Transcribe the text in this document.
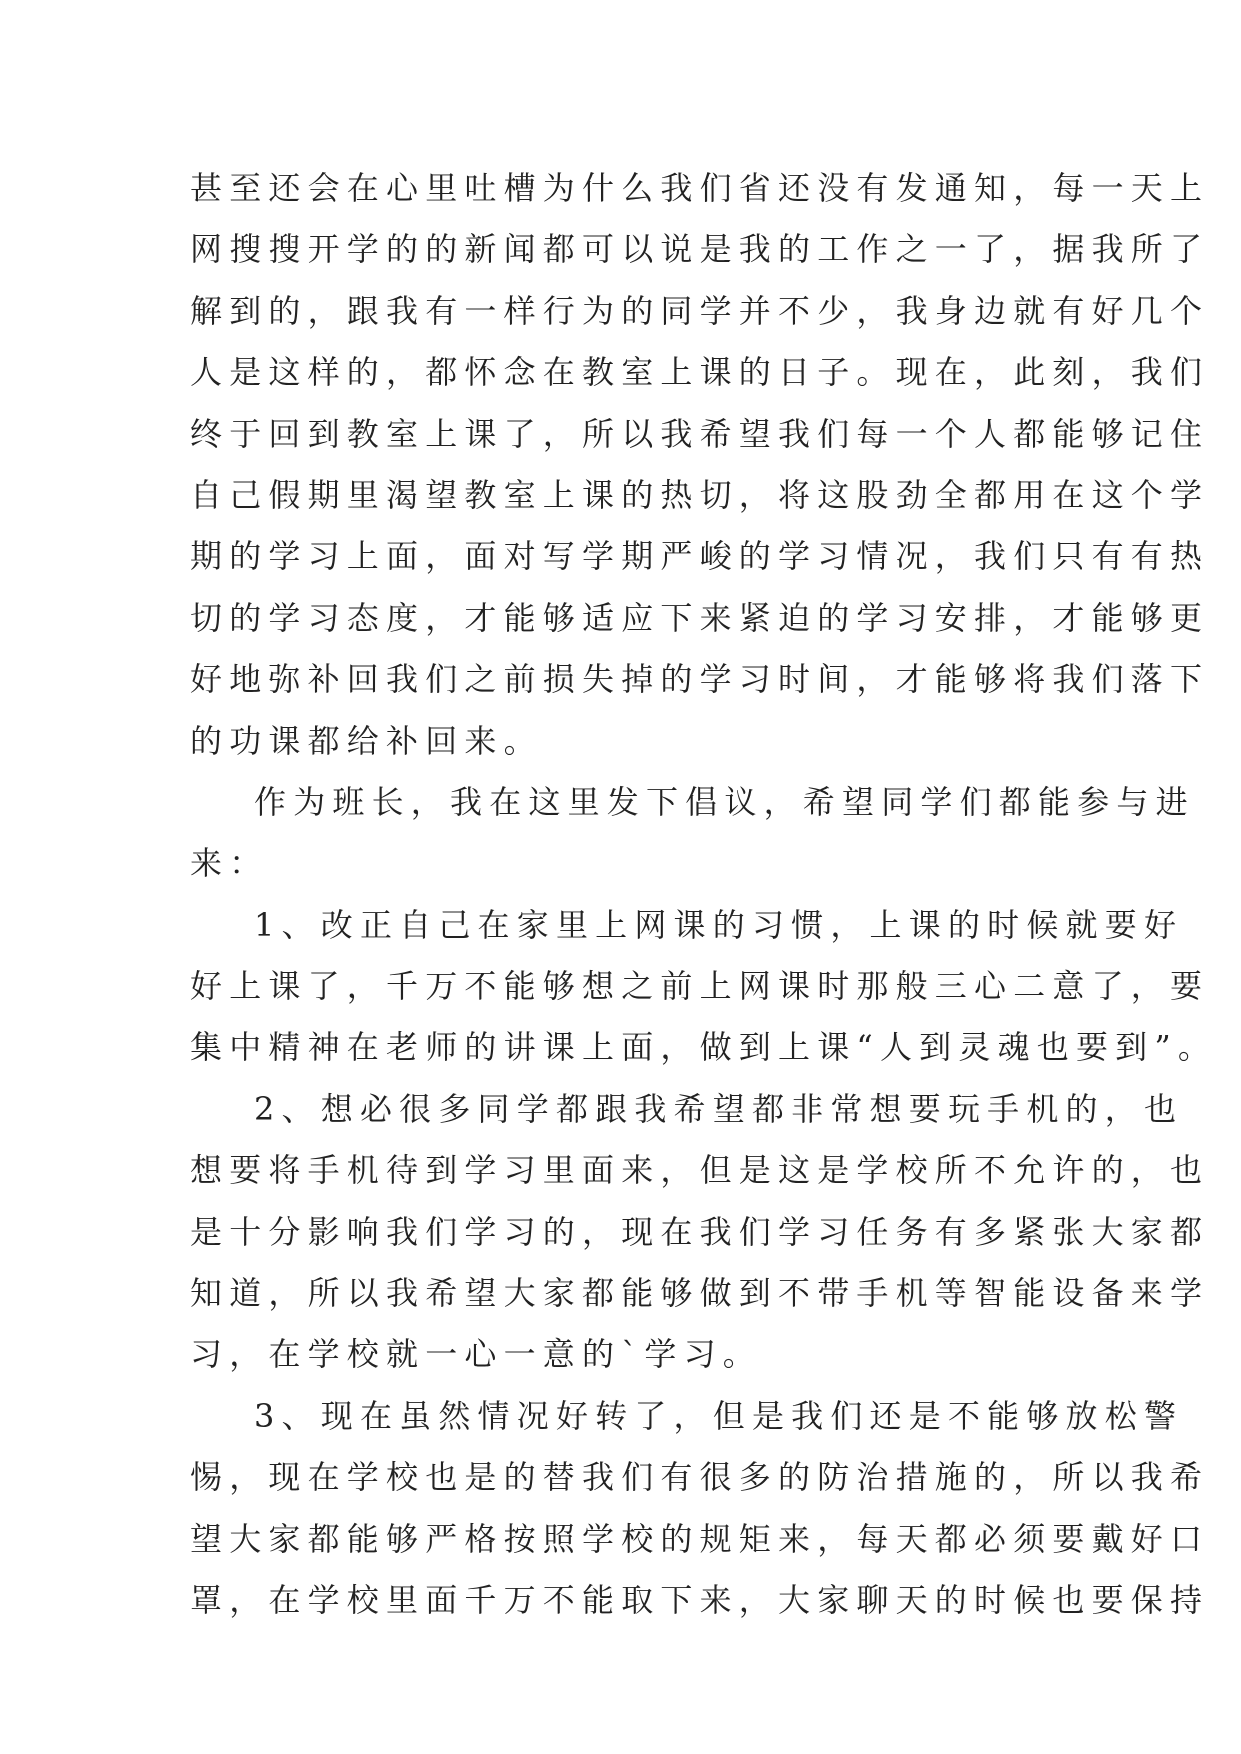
甚至还会在心里吐槽为什么我们省还没有发通知，每一天上
网搜搜开学的的新闻都可以说是我的工作之一了，据我所了
解到的，跟我有一样行为的同学并不少，我身边就有好几个
人是这样的，都怀念在教室上课的日子。现在，此刻，我们
终于回到教室上课了，所以我希望我们每一个人都能够记住
自己假期里渴望教室上课的热切，将这股劲全都用在这个学
期的学习上面，面对写学期严峻的学习情况，我们只有有热
切的学习态度，才能够适应下来紧迫的学习安排，才能够更
好地弥补回我们之前损失掉的学习时间，才能够将我们落下
的功课都给补回来。
作为班长，我在这里发下倡议，希望同学们都能参与进
来：
1、改正自己在家里上网课的习惯，上课的时候就要好
好上课了，千万不能够想之前上网课时那般三心二意了，要
集中精神在老师的讲课上面，做到上课“人到灵魂也要到”。
2、想必很多同学都跟我希望都非常想要玩手机的，也
想要将手机待到学习里面来，但是这是学校所不允许的，也
是十分影响我们学习的，现在我们学习任务有多紧张大家都
知道，所以我希望大家都能够做到不带手机等智能设备来学
习，在学校就一心一意的`学习。
3、现在虽然情况好转了，但是我们还是不能够放松警
惕，现在学校也是的替我们有很多的防治措施的，所以我希
望大家都能够严格按照学校的规矩来，每天都必须要戴好口
罩，在学校里面千万不能取下来，大家聊天的时候也要保持
